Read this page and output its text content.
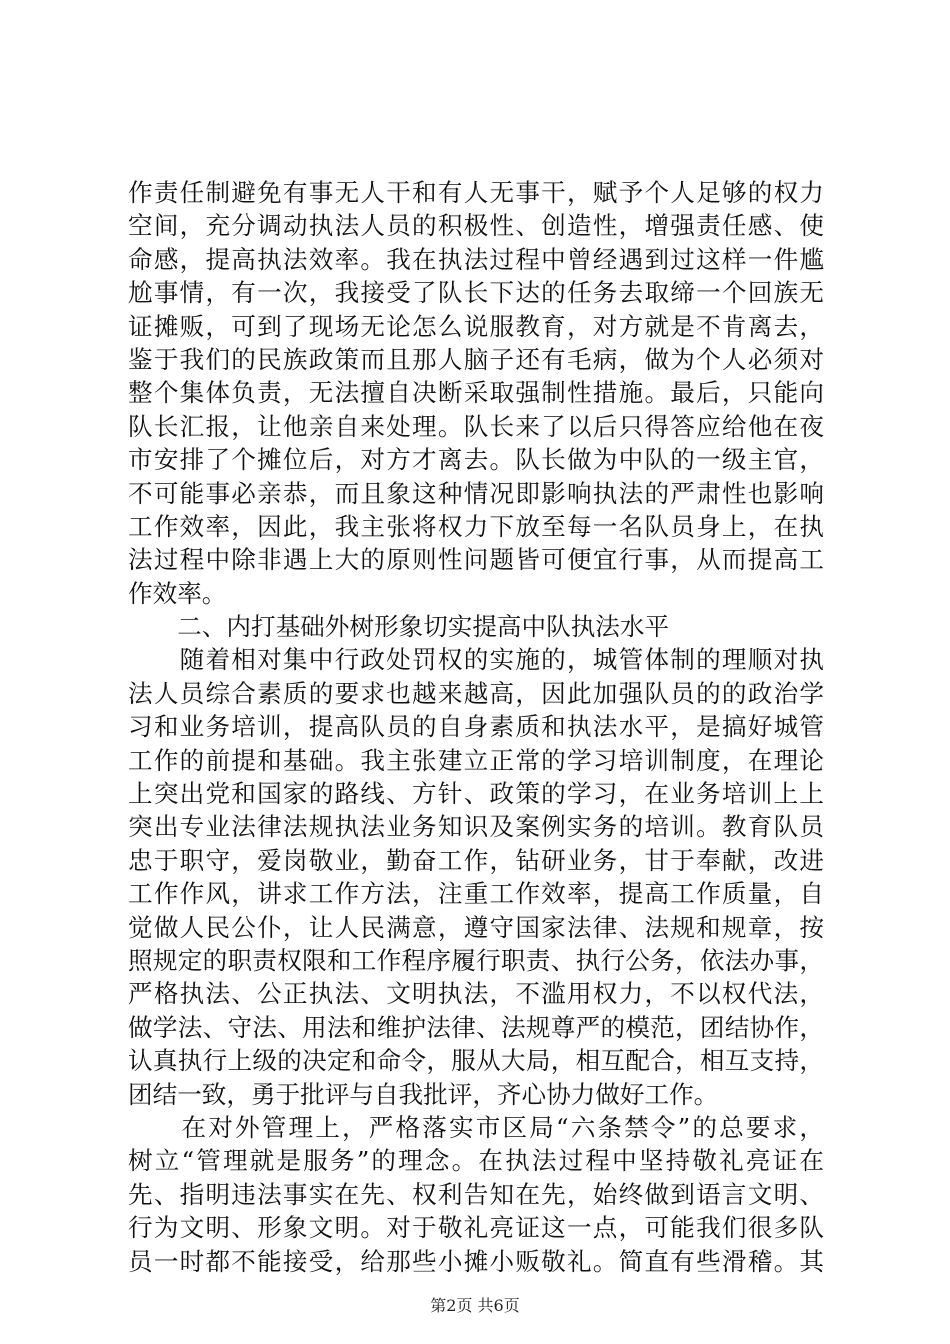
作责任制避免有事无人干和有人无事干，赋予个人足够的权力
空间，充分调动执法人员的积极性、创造性，增强责任感、使
命感，提高执法效率。我在执法过程中曾经遇到过这样一件尴
尬事情，有一次，我接受了队长下达的任务去取缔一个回族无
证摊贩，可到了现场无论怎么说服教育，对方就是不肯离去，
鉴于我们的民族政策而且那人脑子还有毛病，做为个人必须对
整个集体负责，无法擅自决断采取强制性措施。最后，只能向
队长汇报，让他亲自来处理。队长来了以后只得答应给他在夜
市安排了个摊位后，对方才离去。队长做为中队的一级主官，
不可能事必亲恭，而且象这种情况即影响执法的严肃性也影响
工作效率，因此，我主张将权力下放至每一名队员身上，在执
法过程中除非遇上大的原则性问题皆可便宜行事，从而提高工
作效率。
　　二、内打基础外树形象切实提高中队执法水平
　　随着相对集中行政处罚权的实施的，城管体制的理顺对执
法人员综合素质的要求也越来越高，因此加强队员的的政治学
习和业务培训，提高队员的自身素质和执法水平，是搞好城管
工作的前提和基础。我主张建立正常的学习培训制度，在理论
上突出党和国家的路线、方针、政策的学习，在业务培训上上
突出专业法律法规执法业务知识及案例实务的培训。教育队员
忠于职守，爱岗敬业，勤奋工作，钻研业务，甘于奉献，改进
工作作风，讲求工作方法，注重工作效率，提高工作质量，自
觉做人民公仆，让人民满意，遵守国家法律、法规和规章，按
照规定的职责权限和工作程序履行职责、执行公务，依法办事，
严格执法、公正执法、文明执法，不滥用权力，不以权代法，
做学法、守法、用法和维护法律、法规尊严的模范，团结协作，
认真执行上级的决定和命令，服从大局，相互配合，相互支持，
团结一致，勇于批评与自我批评，齐心协力做好工作。
　　在对外管理上，严格落实市区局“六条禁令”的总要求，
树立“管理就是服务”的理念。在执法过程中坚持敬礼亮证在
先、指明违法事实在先、权利告知在先，始终做到语言文明、
行为文明、形象文明。对于敬礼亮证这一点，可能我们很多队
员一时都不能接受，给那些小摊小贩敬礼。简直有些滑稽。其
第2页 共6页
